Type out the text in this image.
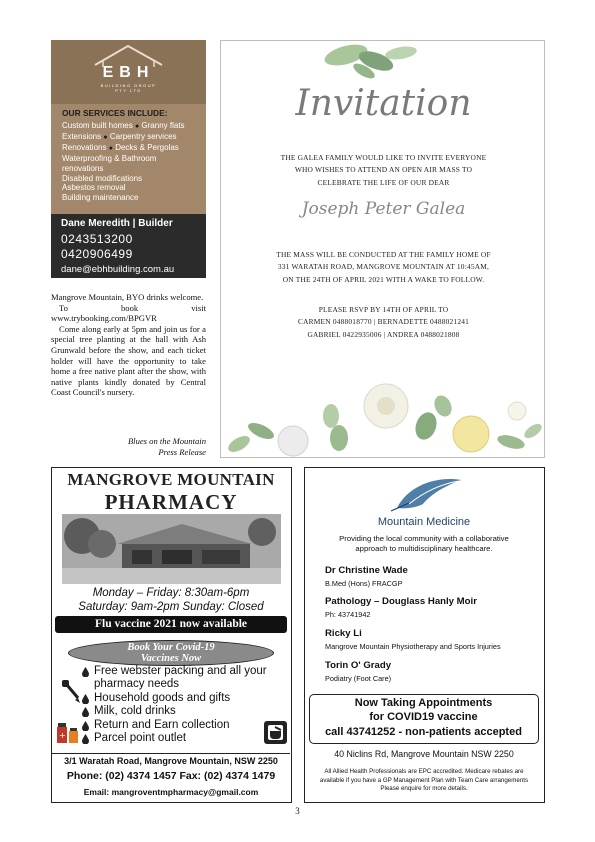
EBH
BUILDING GROUP
PTY LTD
OUR SERVICES INCLUDE:
Custom built homes ● Granny flats
Extensions ● Carpentry services
Renovations ● Decks & Pergolas
Waterproofing & Bathroom
renovations
Disabled modifications
Asbestos removal
Building maintenance
Dane Meredith | Builder
0243513200
0420906499
dane@ebhbuilding.com.au

Mangrove Mountain, BYO drinks welcome.

To book visit www.trybooking.com/BPGVR

Come along early at 5pm and join us for a special tree planting at the hall with Ash Grunwald before the show, and each ticket holder will have the opportunity to take home a free native plant after the show, with native plants kindly donated by Central Coast Council's nursery.

Blues on the Mountain
Press Release
Invitation
THE GALEA FAMILY WOULD LIKE TO INVITE EVERYONE
WHO WISHES TO ATTEND AN OPEN AIR MASS TO
CELEBRATE THE LIFE OF OUR DEAR
Joseph Peter Galea
THE MASS WILL BE CONDUCTED AT THE FAMILY HOME OF
331 WARATAH ROAD, MANGROVE MOUNTAIN AT 10:45AM,
ON THE 24TH OF APRIL 2021 WITH A WAKE TO FOLLOW.
PLEASE RSVP BY 14TH OF APRIL TO
CARMEN 0488018770 | BERNADETTE 0488021241
GABRIEL 0422935006 | ANDREA 0488021808
MANGROVE MOUNTAIN
PHARMACY
Monday – Friday: 8:30am-6pm
Saturday: 9am-2pm Sunday: Closed
Flu vaccine 2021 now available
Book Your Covid-19
Vaccines Now
+
Free webster packing and all your
pharmacy needs
Household goods and gifts
Milk, cold drinks
Return and Earn collection
Parcel point outlet
3/1 Waratah Road, Mangrove Mountain, NSW 2250
Phone: (02) 4374 1457 Fax: (02) 4374 1479
Email: mangroventmpharmacy@gmail.com
Mountain Medicine
Providing the local community with a collaborative
approach to multidisciplinary healthcare.
Dr Christine Wade
B.Med (Hons) FRACGP
Pathology – Douglass Hanly Moir
Ph: 43741942
Ricky Li
Mangrove Mountain Physiotherapy and Sports Injuries
Torin O' Grady
Podiatry (Foot Care)
Now Taking Appointments
for COVID19 vaccine
call 43741252 - non-patients accepted
40 Niclins Rd, Mangrove Mountain NSW 2250
All Allied Health Professionals are EPC accredited. Medicare rebates are
available if you have a GP Management Plan with Team Care arrangements
Please enquire for more details.
3
